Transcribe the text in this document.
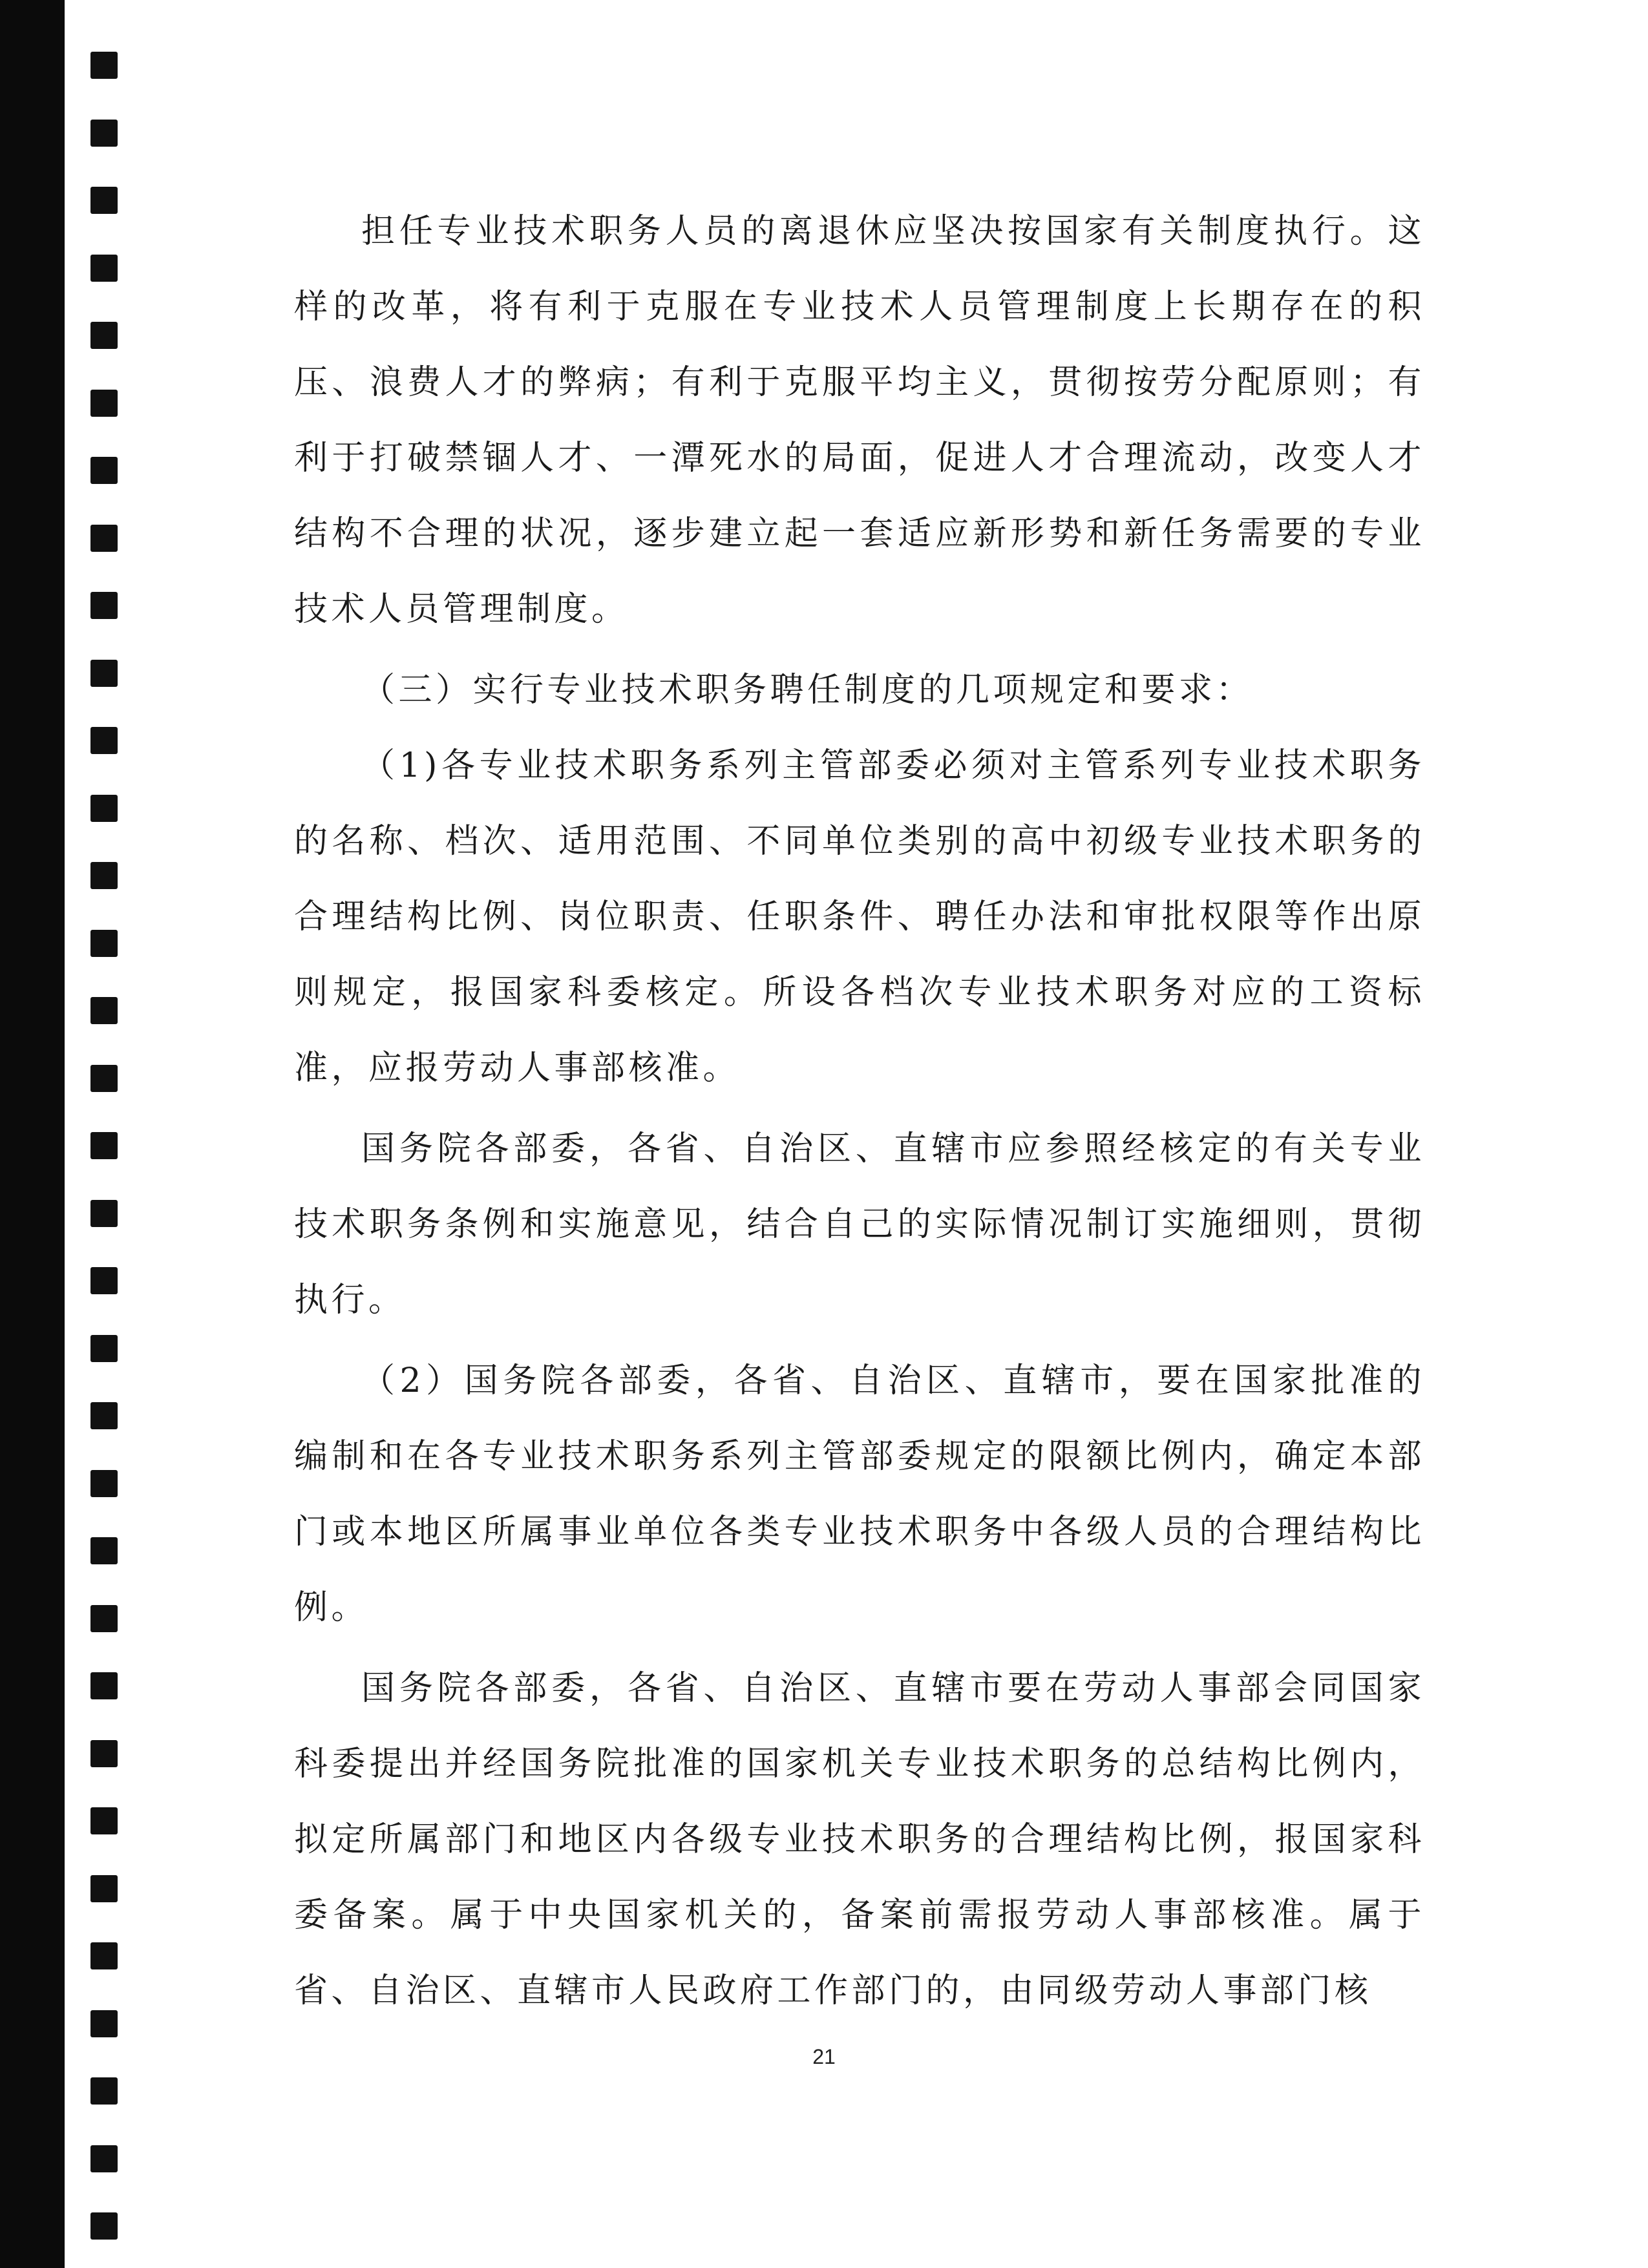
担任专业技术职务人员的离退休应坚决按国家有关制度执行。这样的改革，将有利于克服在专业技术人员管理制度上长期存在的积压、浪费人才的弊病；有利于克服平均主义，贯彻按劳分配原则；有利于打破禁锢人才、一潭死水的局面，促进人才合理流动，改变人才结构不合理的状况，逐步建立起一套适应新形势和新任务需要的专业技术人员管理制度。

（三）实行专业技术职务聘任制度的几项规定和要求：

（1)各专业技术职务系列主管部委必须对主管系列专业技术职务的名称、档次、适用范围、不同单位类别的高中初级专业技术职务的合理结构比例、岗位职责、任职条件、聘任办法和审批权限等作出原则规定，报国家科委核定。所设各档次专业技术职务对应的工资标准，应报劳动人事部核准。

国务院各部委，各省、自治区、直辖市应参照经核定的有关专业技术职务条例和实施意见，结合自己的实际情况制订实施细则，贯彻执行。

（2）国务院各部委，各省、自治区、直辖市，要在国家批准的编制和在各专业技术职务系列主管部委规定的限额比例内，确定本部门或本地区所属事业单位各类专业技术职务中各级人员的合理结构比例。

国务院各部委，各省、自治区、直辖市要在劳动人事部会同国家科委提出并经国务院批准的国家机关专业技术职务的总结构比例内，拟定所属部门和地区内各级专业技术职务的合理结构比例，报国家科委备案。属于中央国家机关的，备案前需报劳动人事部核准。属于省、自治区、直辖市人民政府工作部门的，由同级劳动人事部门核

21
